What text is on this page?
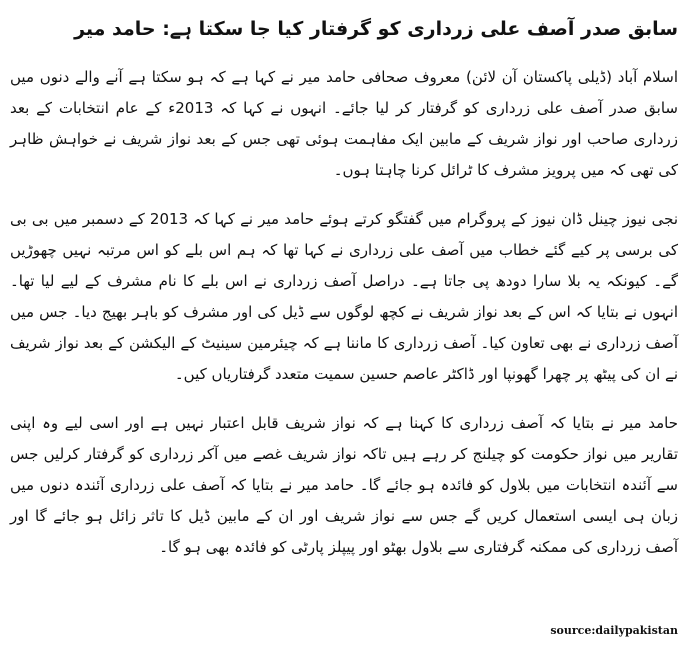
سابق صدر آصف علی زرداری کو گرفتار کیا جا سکتا ہے: حامد میر

اسلام آباد (ڈیلی پاکستان آن لائن) معروف صحافی حامد میر نے کہا ہے کہ ہو سکتا ہے آنے والے دنوں میں سابق صدر آصف علی زرداری کو گرفتار کر لیا جائے۔ انہوں نے کہا کہ 2013ء کے عام انتخابات کے بعد زرداری صاحب اور نواز شریف کے مابین ایک مفاہمت ہوئی تھی جس کے بعد نواز شریف نے خواہش ظاہر کی تھی کہ میں پرویز مشرف کا ٹرائل کرنا چاہتا ہوں۔

نجی نیوز چینل ڈان نیوز کے پروگرام میں گفتگو کرتے ہوئے حامد میر نے کہا کہ 2013 کے دسمبر میں بی بی کی برسی پر کیے گئے خطاب میں آصف علی زرداری نے کہا تھا کہ ہم اس بلے کو اس مرتبہ نہیں چھوڑیں گے۔ کیونکہ یہ بلا سارا دودھ پی جاتا ہے۔ دراصل آصف زرداری نے اس بلے کا نام مشرف کے لیے لیا تھا۔ انہوں نے بتایا کہ اس کے بعد نواز شریف نے کچھ لوگوں سے ڈیل کی اور مشرف کو باہر بھیج دیا۔ جس میں آصف زرداری نے بھی تعاون کیا۔ آصف زرداری کا ماننا ہے کہ چیئرمین سینیٹ کے الیکشن کے بعد نواز شریف نے ان کی پیٹھ پر چھرا گھونپا اور ڈاکٹر عاصم حسین سمیت متعدد گرفتاریاں کیں۔

حامد میر نے بتایا کہ آصف زرداری کا کہنا ہے کہ نواز شریف قابل اعتبار نہیں ہے اور اسی لیے وہ اپنی تقاریر میں نواز حکومت کو چیلنج کر رہے ہیں تاکہ نواز شریف غصے میں آکر زرداری کو گرفتار کرلیں جس سے آئندہ انتخابات میں بلاول کو فائدہ ہو جائے گا۔ حامد میر نے بتایا کہ آصف علی زرداری آئندہ دنوں میں زبان ہی ایسی استعمال کریں گے جس سے نواز شریف اور ان کے مابین ڈیل کا تاثر زائل ہو جائے گا اور آصف زرداری کی ممکنہ گرفتاری سے بلاول بھٹو اور پیپلز پارٹی کو فائدہ بھی ہو گا۔

source:dailypakistan
